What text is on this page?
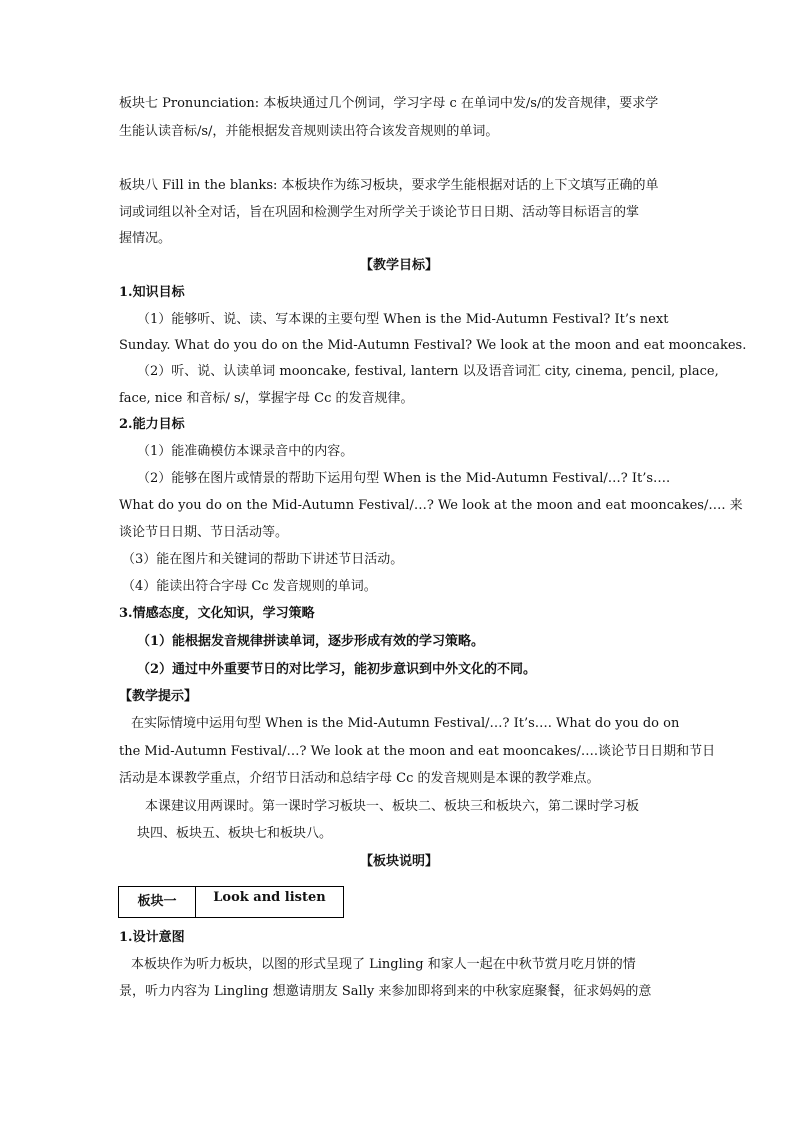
板块七 Pronunciation: 本板块通过几个例词，学习字母 c 在单词中发/s/的发音规律，要求学
生能认读音标/s/，并能根据发音规则读出符合该发音规则的单词。
板块八 Fill in the blanks: 本板块作为练习板块，要求学生能根据对话的上下文填写正确的单
词或词组以补全对话，旨在巩固和检测学生对所学关于谈论节日日期、活动等目标语言的掌
握情况。
【教学目标】
1.知识目标
（1）能够听、说、读、写本课的主要句型 When is the Mid-Autumn Festival? It’s next
Sunday. What do you do on the Mid-Autumn Festival? We look at the moon and eat mooncakes.
（2）听、说、认读单词 mooncake, festival, lantern 以及语音词汇 city, cinema, pencil, place,
face, nice 和音标/ s/，掌握字母 Cc 的发音规律。
2.能力目标
（1）能准确模仿本课录音中的内容。
（2）能够在图片或情景的帮助下运用句型 When is the Mid-Autumn Festival/…? It’s….
What do you do on the Mid-Autumn Festival/…? We look at the moon and eat mooncakes/…. 来
谈论节日日期、节日活动等。
（3）能在图片和关键词的帮助下讲述节日活动。
（4）能读出符合字母 Cc 发音规则的单词。
3.情感态度，文化知识，学习策略
（1）能根据发音规律拼读单词，逐步形成有效的学习策略。
（2）通过中外重要节日的对比学习，能初步意识到中外文化的不同。
【教学提示】
在实际情境中运用句型 When is the Mid-Autumn Festival/…? It’s…. What do you do on
the Mid-Autumn Festival/…? We look at the moon and eat mooncakes/….谈论节日日期和节日
活动是本课教学重点，介绍节日活动和总结字母 Cc 的发音规则是本课的教学难点。
本课建议用两课时。第一课时学习板块一、板块二、板块三和板块六，第二课时学习板
块四、板块五、板块七和板块八。
【板块说明】
板块一	Look and listen
1.设计意图
本板块作为听力板块，以图的形式呈现了 Lingling 和家人一起在中秋节赏月吃月饼的情
景，听力内容为 Lingling 想邀请朋友 Sally 来参加即将到来的中秋家庭聚餐，征求妈妈的意
